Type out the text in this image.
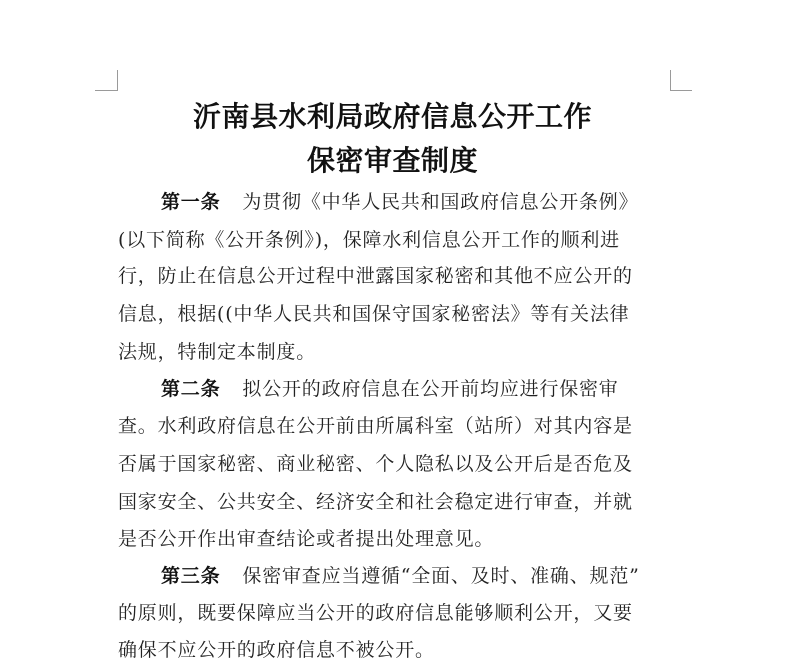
沂南县水利局政府信息公开工作
保密审查制度
第一条 为贯彻《中华人民共和国政府信息公开条例》
(以下简称《公开条例》)，保障水利信息公开工作的顺利进
行，防止在信息公开过程中泄露国家秘密和其他不应公开的
信息，根据((中华人民共和国保守国家秘密法》等有关法律
法规，特制定本制度。
第二条 拟公开的政府信息在公开前均应进行保密审
查。水利政府信息在公开前由所属科室（站所）对其内容是
否属于国家秘密、商业秘密、个人隐私以及公开后是否危及
国家安全、公共安全、经济安全和社会稳定进行审查，并就
是否公开作出审查结论或者提出处理意见。
第三条 保密审查应当遵循“全面、及时、准确、规范”
的原则，既要保障应当公开的政府信息能够顺利公开，又要
确保不应公开的政府信息不被公开。
